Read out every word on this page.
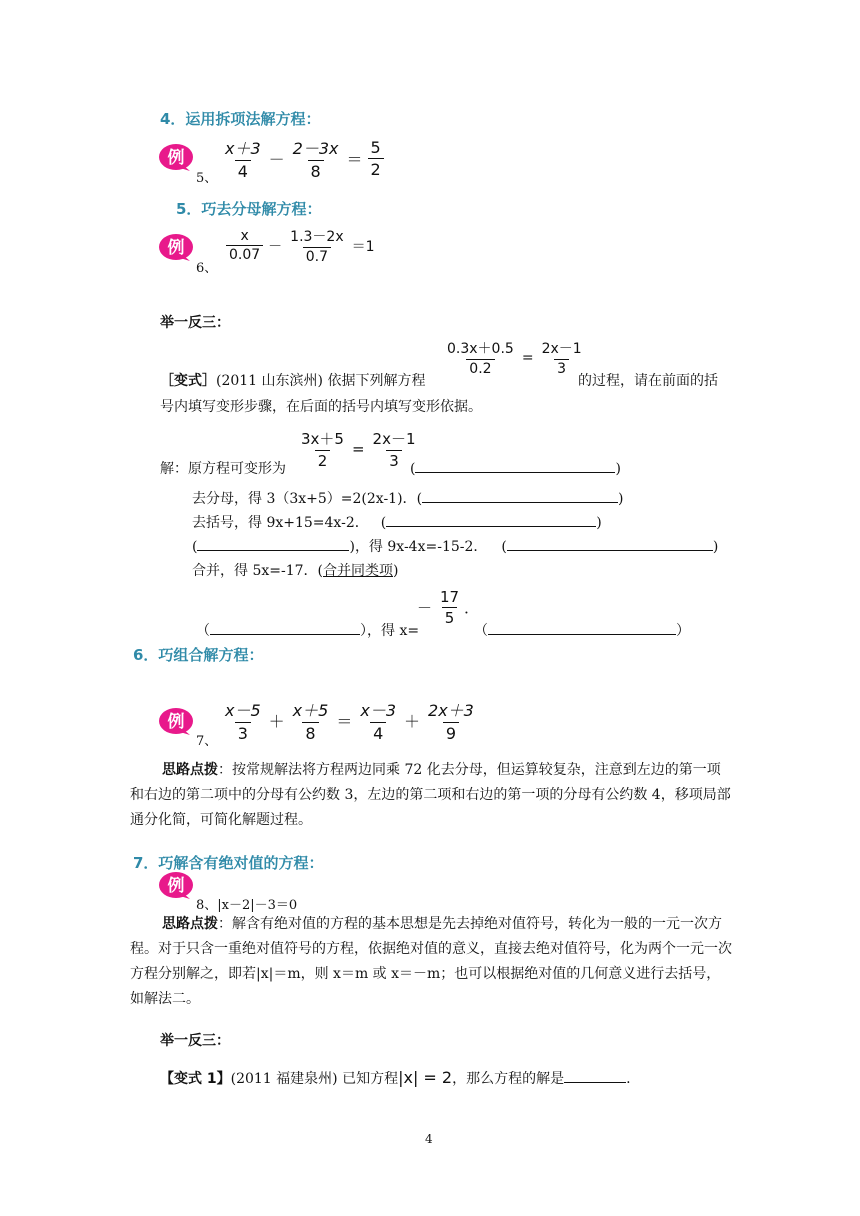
4．运用拆项法解方程：
例
5、 $\frac{x+3}{4} - \frac{2-3x}{8} = \frac{5}{2}$
5．巧去分母解方程：
例
6、
$\frac{x}{0.07} - \frac{1.3-2x}{0.7} =1$
举一反三：
$\frac{0.3x+0.5}{0.2} = \frac{2x-1}{3}$
［变式］(2011 山东滨州) 依据下列解方程	的过程，请在前面的括
号内填写变形步骤，在后面的括号内填写变形依据。
解：原方程可变形为 $\frac{3x+5}{2} = \frac{2x-1}{3}$
(	)
去分母，得 3（3x+5）=2(2x-1)．(	)
去括号，得 9x+15=4x-2． (	)
(	)，得 9x-4x=-15-2． (	)
合并，得 5x=-17．(合并同类项)
（	），得 x=
－ $\frac{17}{5}$ ．
（	）
6．巧组合解方程：
例
7、 $\frac{x-5}{3} + \frac{x+5}{8} = \frac{x-3}{4} + \frac{2x+3}{9}$
思路点拨：按常规解法将方程两边同乘 72 化去分母，但运算较复杂，注意到左边的第一项和右边的第二项中的分母有公约数 3，左边的第二项和右边的第一项的分母有公约数 4，移项局部通分化简，可简化解题过程。
7．巧解含有绝对值的方程：
例
8、|x－2|－3＝0
思路点拨：解含有绝对值的方程的基本思想是先去掉绝对值符号，转化为一般的一元一次方程。对于只含一重绝对值符号的方程，依据绝对值的意义，直接去绝对值符号，化为两个一元一次方程分别解之，即若|x|＝m，则 x＝m 或 x＝－m；也可以根据绝对值的几何意义进行去括号，如解法二。
举一反三：
【变式 1】(2011 福建泉州) 已知方程|x| = 2，那么方程的解是	.
4
